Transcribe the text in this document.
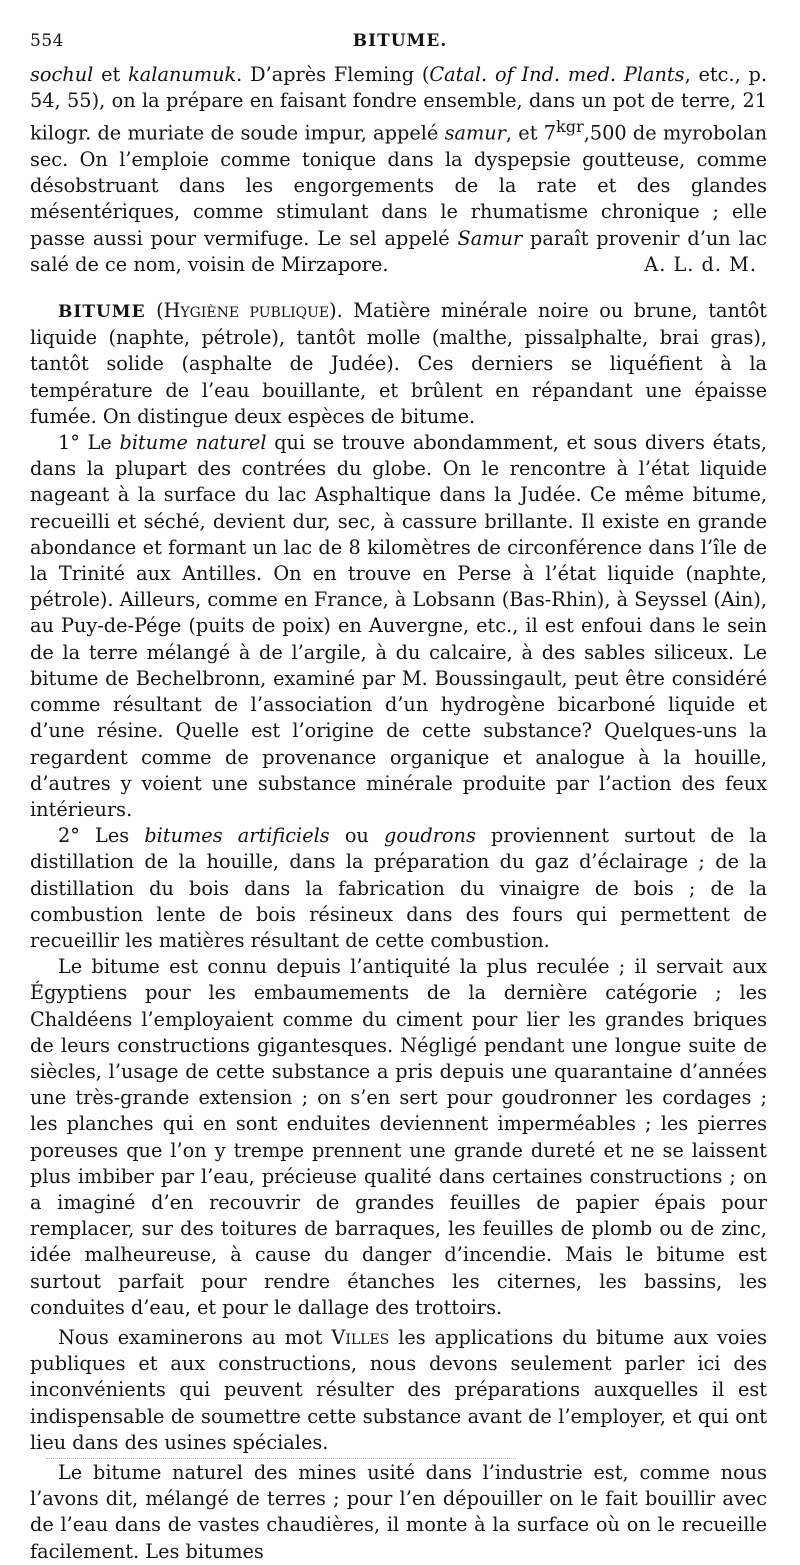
554	BITUME.

sochul et kalanumuk. D’après Fleming (Catal. of Ind. med. Plants, etc., p. 54, 55), on la prépare en faisant fondre ensemble, dans un pot de terre, 21 kilogr. de muriate de soude impur, appelé samur, et $7^{kgr},500$ de myrobolan sec. On l’emploie comme tonique dans la dyspepsie goutteuse, comme désobstruant dans les engorgements de la rate et des glandes mésentériques, comme stimulant dans le rhumatisme chronique ; elle passe aussi pour vermifuge. Le sel appelé Samur paraît provenir d’un lac salé de ce nom, voisin de Mirzapore.	A. L. d. M.

BITUME (Hygiène publique). Matière minérale noire ou brune, tantôt liquide (naphte, pétrole), tantôt molle (malthe, pissalphalte, brai gras), tantôt solide (asphalte de Judée). Ces derniers se liquéfient à la température de l’eau bouillante, et brûlent en répandant une épaisse fumée. On distingue deux espèces de bitume.

1° Le bitume naturel qui se trouve abondamment, et sous divers états, dans la plupart des contrées du globe. On le rencontre à l’état liquide nageant à la surface du lac Asphaltique dans la Judée. Ce même bitume, recueilli et séché, devient dur, sec, à cassure brillante. Il existe en grande abondance et formant un lac de 8 kilomètres de circonférence dans l’île de la Trinité aux Antilles. On en trouve en Perse à l’état liquide (naphte, pétrole). Ailleurs, comme en France, à Lobsann (Bas-Rhin), à Seyssel (Ain), au Puy-de-Pége (puits de poix) en Auvergne, etc., il est enfoui dans le sein de la terre mélangé à de l’argile, à du calcaire, à des sables siliceux. Le bitume de Bechelbronn, examiné par M. Boussingault, peut être considéré comme résultant de l’association d’un hydrogène bicarboné liquide et d’une résine. Quelle est l’origine de cette substance? Quelques-uns la regardent comme de provenance organique et analogue à la houille, d’autres y voient une substance minérale produite par l’action des feux intérieurs.

2° Les bitumes artificiels ou goudrons proviennent surtout de la distillation de la houille, dans la préparation du gaz d’éclairage ; de la distillation du bois dans la fabrication du vinaigre de bois ; de la combustion lente de bois résineux dans des fours qui permettent de recueillir les matières résultant de cette combustion.

Le bitume est connu depuis l’antiquité la plus reculée ; il servait aux Égyptiens pour les embaumements de la dernière catégorie ; les Chaldéens l’employaient comme du ciment pour lier les grandes briques de leurs constructions gigantesques. Négligé pendant une longue suite de siècles, l’usage de cette substance a pris depuis une quarantaine d’années une très-grande extension ; on s’en sert pour goudronner les cordages ; les planches qui en sont enduites deviennent imperméables ; les pierres poreuses que l’on y trempe prennent une grande dureté et ne se laissent plus imbiber par l’eau, précieuse qualité dans certaines constructions ; on a imaginé d’en recouvrir de grandes feuilles de papier épais pour remplacer, sur des toitures de barraques, les feuilles de plomb ou de zinc, idée malheureuse, à cause du danger d’incendie. Mais le bitume est surtout parfait pour rendre étanches les citernes, les bassins, les conduites d’eau, et pour le dallage des trottoirs.

Nous examinerons au mot Villes les applications du bitume aux voies publiques et aux constructions, nous devons seulement parler ici des inconvénients qui peuvent résulter des préparations auxquelles il est indispensable de soumettre cette substance avant de l’employer, et qui ont lieu dans des usines spéciales.

Le bitume naturel des mines usité dans l’industrie est, comme nous l’avons dit, mélangé de terres ; pour l’en dépouiller on le fait bouillir avec de l’eau dans de vastes chaudières, il monte à la surface où on le recueille facilement. Les bitumes
